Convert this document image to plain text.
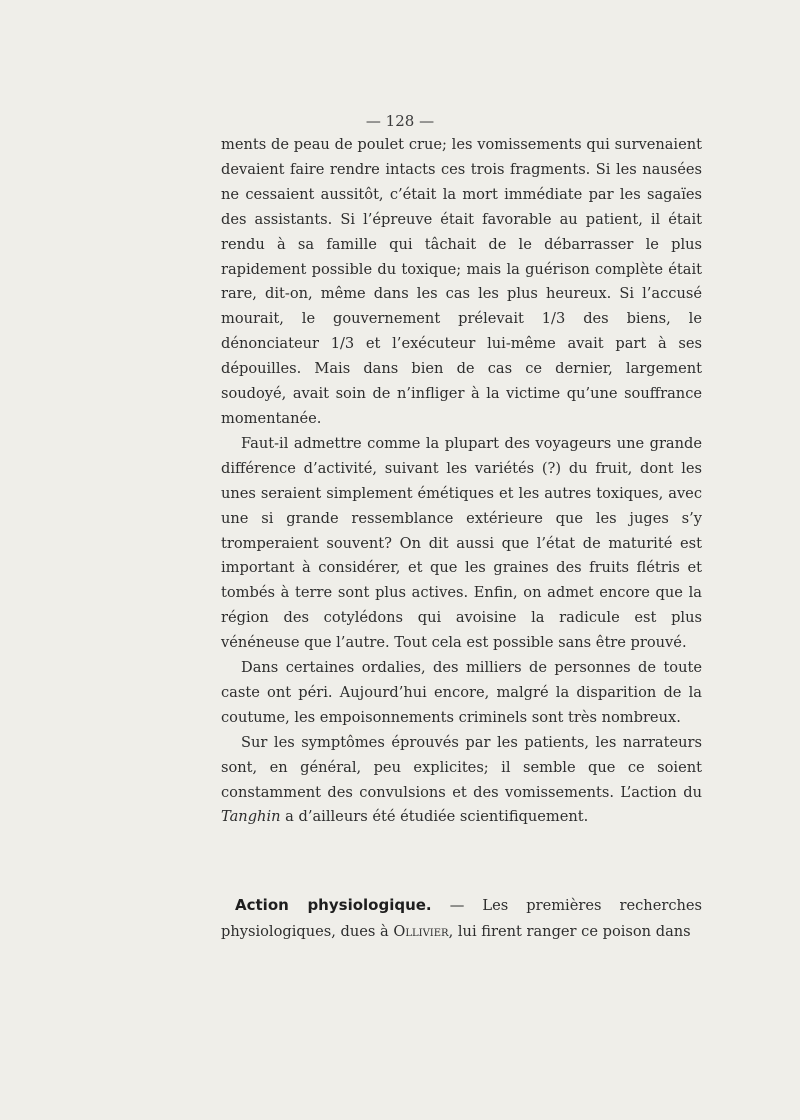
— 128 —

ments de peau de poulet crue; les vomissements qui survenaient devaient faire rendre intacts ces trois fragments. Si les nausées ne cessaient aussitôt, c’était la mort immédiate par les sagaïes des assistants. Si l’épreuve était favorable au patient, il était rendu à sa famille qui tâchait de le débarrasser le plus rapidement possible du toxique; mais la guérison complète était rare, dit-on, même dans les cas les plus heureux. Si l’accusé mourait, le gouvernement prélevait 1/3 des biens, le dénonciateur 1/3 et l’exécuteur lui-même avait part à ses dépouilles. Mais dans bien de cas ce dernier, largement soudoyé, avait soin de n’infliger à la victime qu’une souffrance momentanée.

Faut-il admettre comme la plupart des voyageurs une grande différence d’activité, suivant les variétés (?) du fruit, dont les unes seraient simplement émétiques et les autres toxiques, avec une si grande ressemblance extérieure que les juges s’y tromperaient souvent? On dit aussi que l’état de maturité est important à considérer, et que les graines des fruits flétris et tombés à terre sont plus actives. Enfin, on admet encore que la région des cotylédons qui avoisine la radicule est plus vénéneuse que l’autre. Tout cela est possible sans être prouvé.

Dans certaines ordalies, des milliers de personnes de toute caste ont péri. Aujourd’hui encore, malgré la disparition de la coutume, les empoisonnements criminels sont très nombreux.

Sur les symptômes éprouvés par les patients, les narrateurs sont, en général, peu explicites; il semble que ce soient constamment des convulsions et des vomissements. L’action du Tanghin a d’ailleurs été étudiée scientifiquement.

Action physiologique. — Les premières recherches physiologiques, dues à Ollivier, lui firent ranger ce poison dans
